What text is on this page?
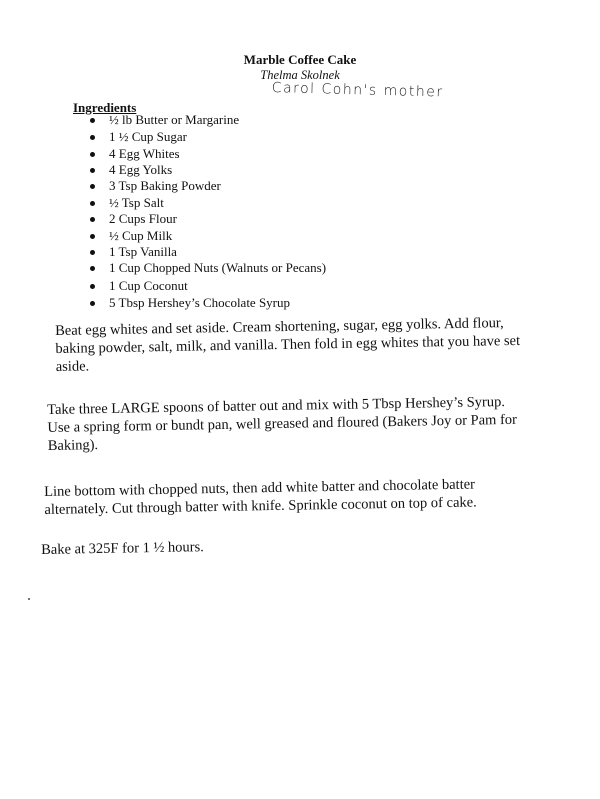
Marble Coffee Cake
Thelma Skolnek
Carol Cohn's mother
Ingredients
½ lb Butter or Margarine
1 ½ Cup Sugar
4 Egg Whites
4 Egg Yolks
3 Tsp Baking Powder
½ Tsp Salt
2 Cups Flour
½ Cup Milk
1 Tsp Vanilla
1 Cup Chopped Nuts (Walnuts or Pecans)
1 Cup Coconut
5 Tbsp Hershey’s Chocolate Syrup
Beat egg whites and set aside. Cream shortening, sugar, egg yolks. Add flour,
baking powder, salt, milk, and vanilla. Then fold in egg whites that you have set
aside.
Take three LARGE spoons of batter out and mix with 5 Tbsp Hershey’s Syrup.
Use a spring form or bundt pan, well greased and floured (Bakers Joy or Pam for
Baking).
Line bottom with chopped nuts, then add white batter and chocolate batter
alternately. Cut through batter with knife. Sprinkle coconut on top of cake.
Bake at 325F for 1 ½ hours.
